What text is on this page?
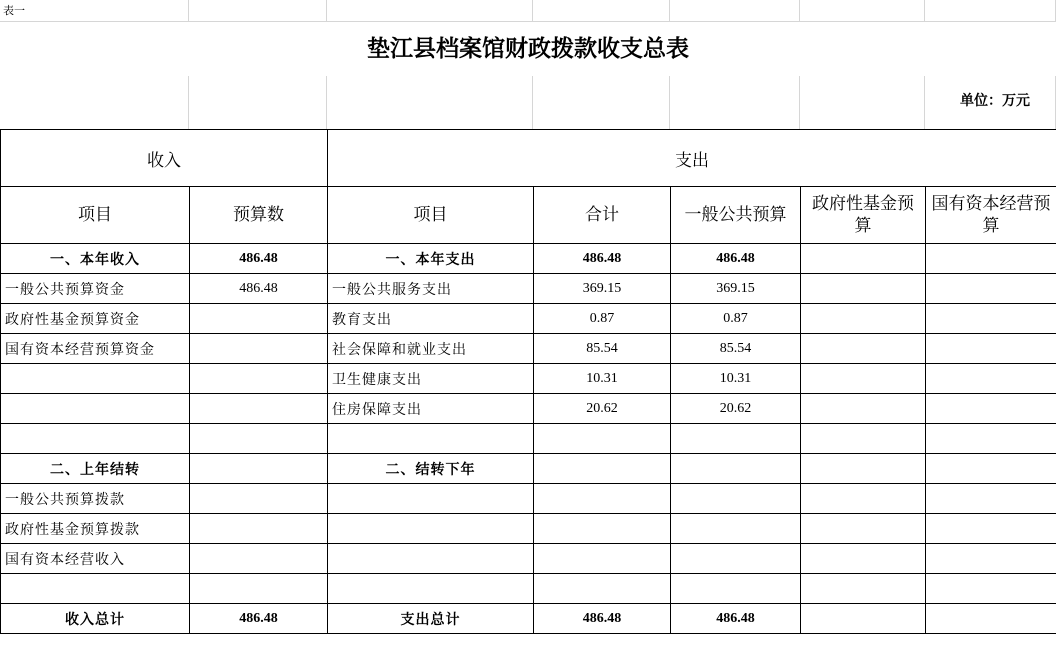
表一
垫江县档案馆财政拨款收支总表
单位：万元
收入		支出				
项目	预算数	项目	合计	一般公共预算	政府性基金预算	国有资本经营预算
一、本年收入	486.48	一、本年支出	486.48	486.48		
一般公共预算资金	486.48	一般公共服务支出	369.15	369.15		
政府性基金预算资金		教育支出	0.87	0.87		
国有资本经营预算资金		社会保障和就业支出	85.54	85.54		
		卫生健康支出	10.31	10.31		
		住房保障支出	20.62	20.62		

二、上年结转		二、结转下年				
一般公共预算拨款						
政府性基金预算拨款						
国有资本经营收入						

收入总计	486.48	支出总计	486.48	486.48		
